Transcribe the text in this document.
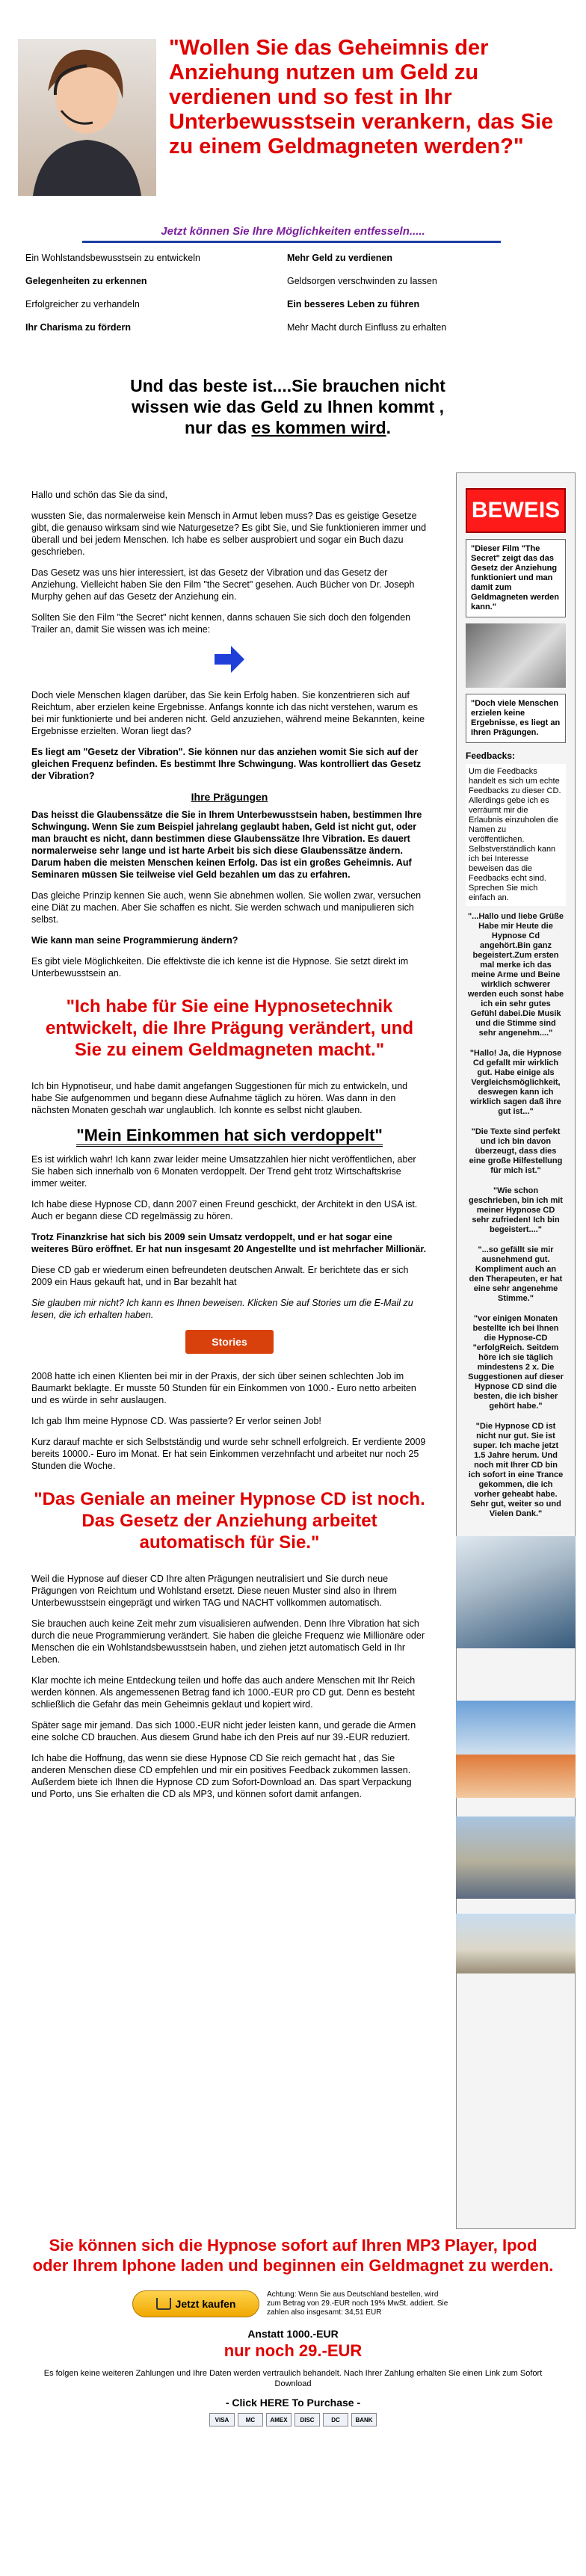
"Wollen Sie das Geheimnis der Anziehung nutzen um Geld zu verdienen und so fest in Ihr Unterbewusstsein verankern, das Sie zu einem Geldmagneten werden?"
Jetzt können Sie Ihre Möglichkeiten entfesseln.....
Ein Wohlstandsbewusstsein zu entwickeln	Mehr Geld zu verdienen
Gelegenheiten zu erkennen	Geldsorgen verschwinden zu lassen
Erfolgreicher zu verhandeln	Ein besseres Leben zu führen
Ihr Charisma zu fördern	Mehr Macht durch Einfluss zu erhalten
Und das beste ist....Sie brauchen nicht wissen wie das Geld zu Ihnen kommt ,
nur das es kommen wird.

Hallo und schön das Sie da sind,

wussten Sie, das normalerweise kein Mensch in Armut leben muss? Das es geistige Gesetze gibt, die genauso wirksam sind wie Naturgesetze? Es gibt Sie, und Sie funktionieren immer und überall und bei jedem Menschen. Ich habe es selber ausprobiert und sogar ein Buch dazu geschrieben.

Das Gesetz was uns hier interessiert, ist das Gesetz der Vibration und das Gesetz der Anziehung. Vielleicht haben Sie den Film "the Secret" gesehen. Auch Bücher von Dr. Joseph Murphy gehen auf das Gesetz der Anziehung ein.

Sollten Sie den Film "the Secret" nicht kennen, danns schauen Sie sich doch den folgenden Trailer an, damit Sie wissen was ich meine:

Doch viele Menschen klagen darüber, das Sie kein Erfolg haben. Sie konzentrieren sich auf Reichtum, aber erzielen keine Ergebnisse. Anfangs konnte ich das nicht verstehen, warum es bei mir funktionierte und bei anderen nicht. Geld anzuziehen, während meine Bekannten, keine Ergebnisse erzielten. Woran liegt das?

Es liegt am "Gesetz der Vibration". Sie können nur das anziehen womit Sie sich auf der gleichen Frequenz befinden. Es bestimmt Ihre Schwingung. Was kontrolliert das Gesetz der Vibration?

Ihre Prägungen

Das heisst die Glaubenssätze die Sie in Ihrem Unterbewusstsein haben, bestimmen Ihre Schwingung. Wenn Sie zum Beispiel jahrelang geglaubt haben, Geld ist nicht gut, oder man braucht es nicht, dann bestimmen diese Glaubenssätze Ihre Vibration. Es dauert normalerweise sehr lange und ist harte Arbeit bis sich diese Glaubenssätze ändern. Darum haben die meisten Menschen keinen Erfolg. Das ist ein großes Geheimnis. Auf Seminaren müssen Sie teilweise viel Geld bezahlen um das zu erfahren.

Das gleiche Prinzip kennen Sie auch, wenn Sie abnehmen wollen. Sie wollen zwar, versuchen eine Diät zu machen. Aber Sie schaffen es nicht. Sie werden schwach und manipulieren sich selbst.

Wie kann man seine Programmierung ändern?

Es gibt viele Möglichkeiten. Die effektivste die ich kenne ist die Hypnose. Sie setzt direkt im Unterbewusstsein an.

"Ich habe für Sie eine Hypnosetechnik entwickelt, die Ihre Prägung verändert, und Sie zu einem Geldmagneten macht."

Ich bin Hypnotiseur, und habe damit angefangen Suggestionen für mich zu entwickeln, und habe Sie aufgenommen und begann diese Aufnahme täglich zu hören. Was dann in den nächsten Monaten geschah war unglaublich. Ich konnte es selbst nicht glauben.

"Mein Einkommen hat sich verdoppelt"

Es ist wirklich wahr! Ich kann zwar leider meine Umsatzzahlen hier nicht veröffentlichen, aber Sie haben sich innerhalb von 6 Monaten verdoppelt. Der Trend geht trotz Wirtschaftskrise immer weiter.

Ich habe diese Hypnose CD, dann 2007 einen Freund geschickt, der Architekt in den USA ist. Auch er begann diese CD regelmässig zu hören.

Trotz Finanzkrise hat sich bis 2009 sein Umsatz verdoppelt, und er hat sogar eine weiteres Büro eröffnet. Er hat nun insgesamt 20 Angestellte und ist mehrfacher Millionär.

Diese CD gab er wiederum einen befreundeten deutschen Anwalt. Er berichtete das er sich 2009 ein Haus gekauft hat, und in Bar bezahlt hat

Sie glauben mir nicht? Ich kann es Ihnen beweisen. Klicken Sie auf Stories um die E-Mail zu lesen, die ich erhalten haben.

Stories

2008 hatte ich einen Klienten bei mir in der Praxis, der sich über seinen schlechten Job im Baumarkt beklagte. Er musste 50 Stunden für ein Einkommen von 1000.- Euro netto arbeiten und es würde in sehr auslaugen.

Ich gab Ihm meine Hypnose CD. Was passierte? Er verlor seinen Job!

Kurz darauf machte er sich Selbstständig und wurde sehr schnell erfolgreich. Er verdiente 2009 bereits 10000.- Euro im Monat. Er hat sein Einkommen verzehnfacht und arbeitet nur noch 25 Stunden die Woche.

"Das Geniale an meiner Hypnose CD ist noch. Das Gesetz der Anziehung arbeitet automatisch für Sie."

Weil die Hypnose auf dieser CD Ihre alten Prägungen neutralisiert und Sie durch neue Prägungen von Reichtum und Wohlstand ersetzt. Diese neuen Muster sind also in Ihrem Unterbewusstsein eingeprägt und wirken TAG und NACHT vollkommen automatisch.

Sie brauchen auch keine Zeit mehr zum visualisieren aufwenden. Denn Ihre Vibration hat sich durch die neue Programmierung verändert. Sie haben die gleiche Frequenz wie Millionäre oder Menschen die ein Wohlstandsbewusstsein haben, und ziehen jetzt automatisch Geld in Ihr Leben.

Klar mochte ich meine Entdeckung teilen und hoffe das auch andere Menschen mit Ihr Reich werden können. Als angemessenen Betrag fand ich 1000.-EUR pro CD gut. Denn es besteht schließlich die Gefahr das mein Geheimnis geklaut und kopiert wird.

Später sage mir jemand. Das sich 1000.-EUR nicht jeder leisten kann, und gerade die Armen eine solche CD brauchen. Aus diesem Grund habe ich den Preis auf nur 39.-EUR reduziert.

Ich habe die Hoffnung, das wenn sie diese Hypnose CD Sie reich gemacht hat , das Sie anderen Menschen diese CD empfehlen und mir ein positives Feedback zukommen lassen. Außerdem biete ich Ihnen die Hypnose CD zum Sofort-Download an. Das spart Verpackung und Porto, uns Sie erhalten die CD als MP3, und können sofort damit anfangen.

BEWEIS
"Dieser Film "The Secret" zeigt das das Gesetz der Anziehung funktioniert und man damit zum Geldmagneten werden kann."
"Doch viele Menschen erzielen keine Ergebnisse, es liegt an Ihren Prägungen.
Feedbacks:
Um die Feedbacks handelt es sich um echte Feedbacks zu dieser CD. Allerdings gebe ich es verräumt mir die Erlaubnis einzuholen die Namen zu veröffentlichen. Selbstverständlich kann ich bei Interesse beweisen das die Feedbacks echt sind. Sprechen Sie mich einfach an.

"...Hallo und liebe Grüße Habe mir Heute die Hypnose Cd angehört.Bin ganz begeistert.Zum ersten mal merke ich das meine Arme und Beine wirklich schwerer werden euch sonst habe ich ein sehr gutes Gefühl dabei.Die Musik und die Stimme sind sehr angenehm...."

"Hallo! Ja, die Hypnose Cd gefallt mir wirklich gut. Habe einige als Vergleichsmöglichkeit, deswegen kann ich wirklich sagen daß ihre gut ist..."

"Die Texte sind perfekt und ich bin davon überzeugt, dass dies eine große Hilfestellung für mich ist."

"Wie schon geschrieben, bin ich mit meiner Hypnose CD sehr zufrieden! Ich bin begeistert...."

"...so gefällt sie mir ausnehmend gut. Kompliment auch an den Therapeuten, er hat eine sehr angenehme Stimme."

"vor einigen Monaten bestellte ich bei Ihnen die Hypnose-CD "erfolgReich. Seitdem höre ich sie täglich mindestens 2 x. Die Suggestionen auf dieser Hypnose CD sind die besten, die ich bisher gehört habe."

"Die Hypnose CD ist nicht nur gut. Sie ist super. Ich mache jetzt 1.5 Jahre herum. Und noch mit Ihrer CD bin ich sofort in eine Trance gekommen, die ich vorher geheabt habe. Sehr gut, weiter so und Vielen Dank."

Sie können sich die Hypnose sofort auf Ihren MP3 Player, Ipod oder Ihrem Iphone laden und beginnen ein Geldmagnet zu werden.
Jetzt kaufen
Achtung: Wenn Sie aus Deutschland bestellen, wird zum Betrag von 29.-EUR noch 19% MwSt. addiert. Sie zahlen also insgesamt: 34,51 EUR
Anstatt 1000.-EUR
nur noch 29.-EUR
Es folgen keine weiteren Zahlungen und Ihre Daten werden vertraulich behandelt. Nach Ihrer Zahlung erhalten Sie einen Link zum Sofort Download
- Click HERE To Purchase -
VISA	MC	AMEX	DISC	DC	BANK
